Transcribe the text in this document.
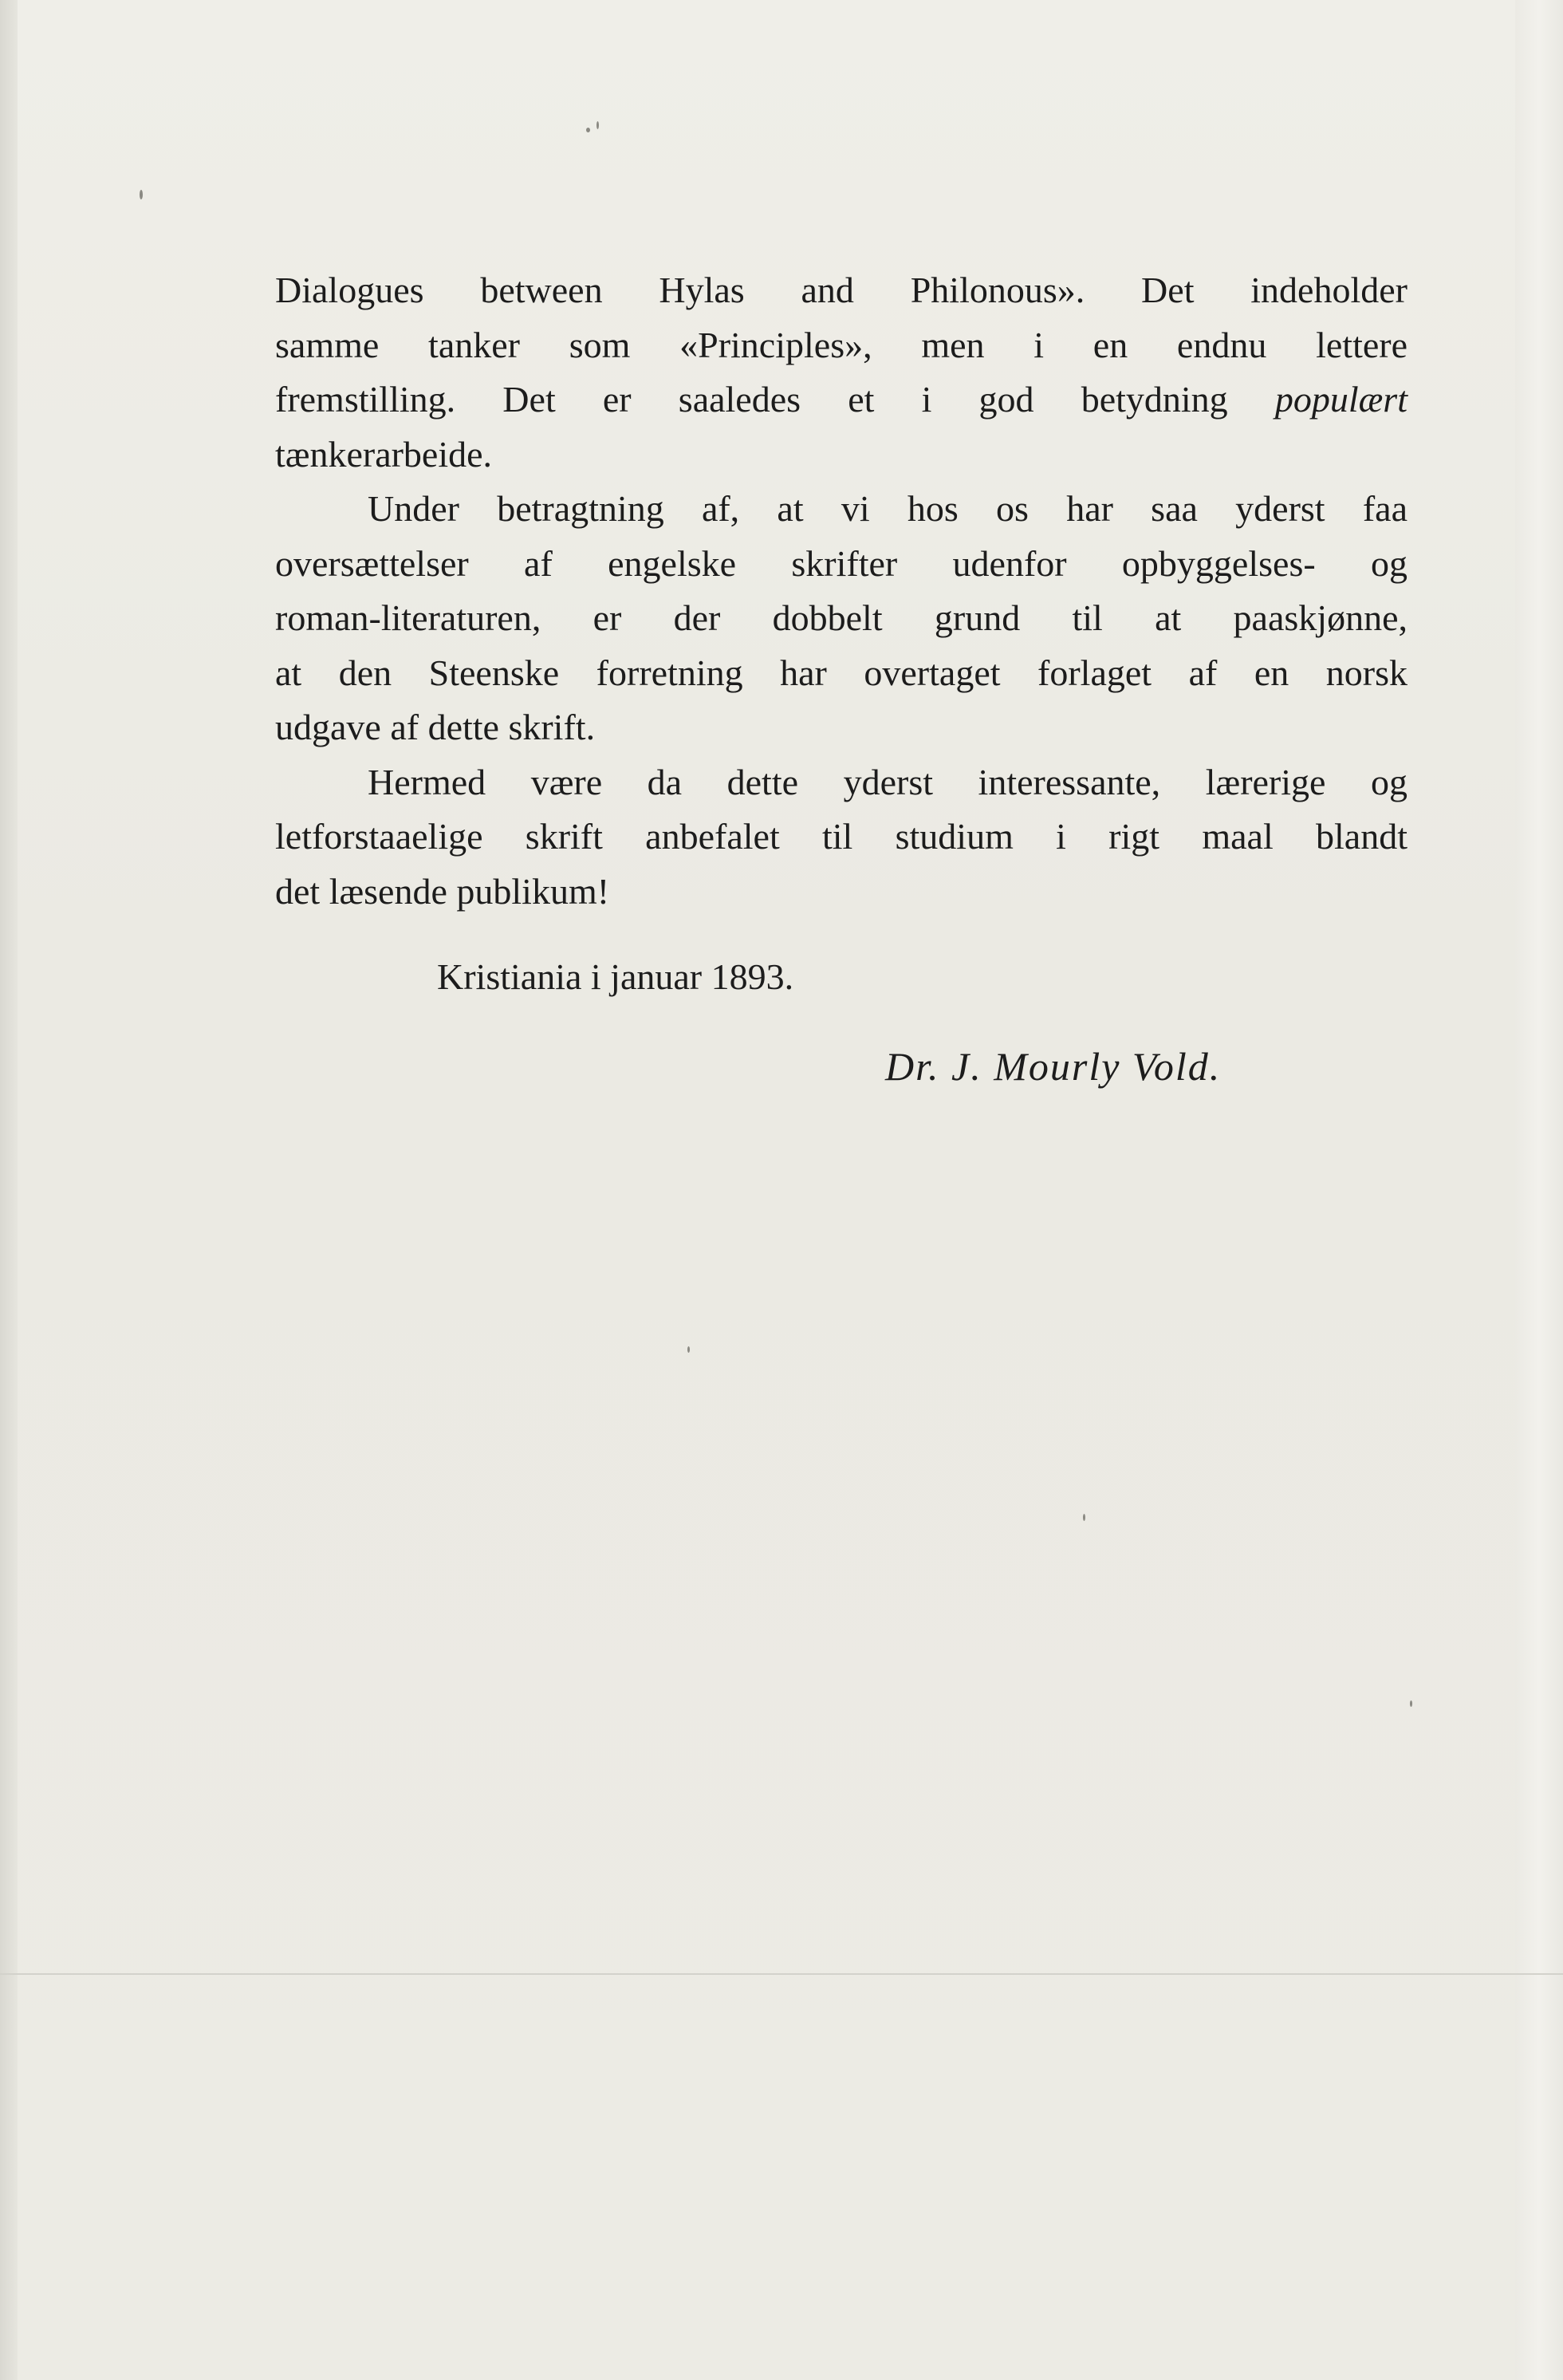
Dialogues between Hylas and Philonous». Det indeholder
samme tanker som «Principles», men i en endnu lettere
fremstilling. Det er saaledes et i god betydning populært
tænkerarbeide.
Under betragtning af, at vi hos os har saa yderst faa
oversættelser af engelske skrifter udenfor opbyggelses- og
roman-literaturen, er der dobbelt grund til at paaskjønne,
at den Steenske forretning har overtaget forlaget af en norsk
udgave af dette skrift.
Hermed være da dette yderst interessante, lærerige og
letforstaaelige skrift anbefalet til studium i rigt maal blandt
det læsende publikum!
Kristiania i januar 1893.
Dr. J. Mourly Vold.
